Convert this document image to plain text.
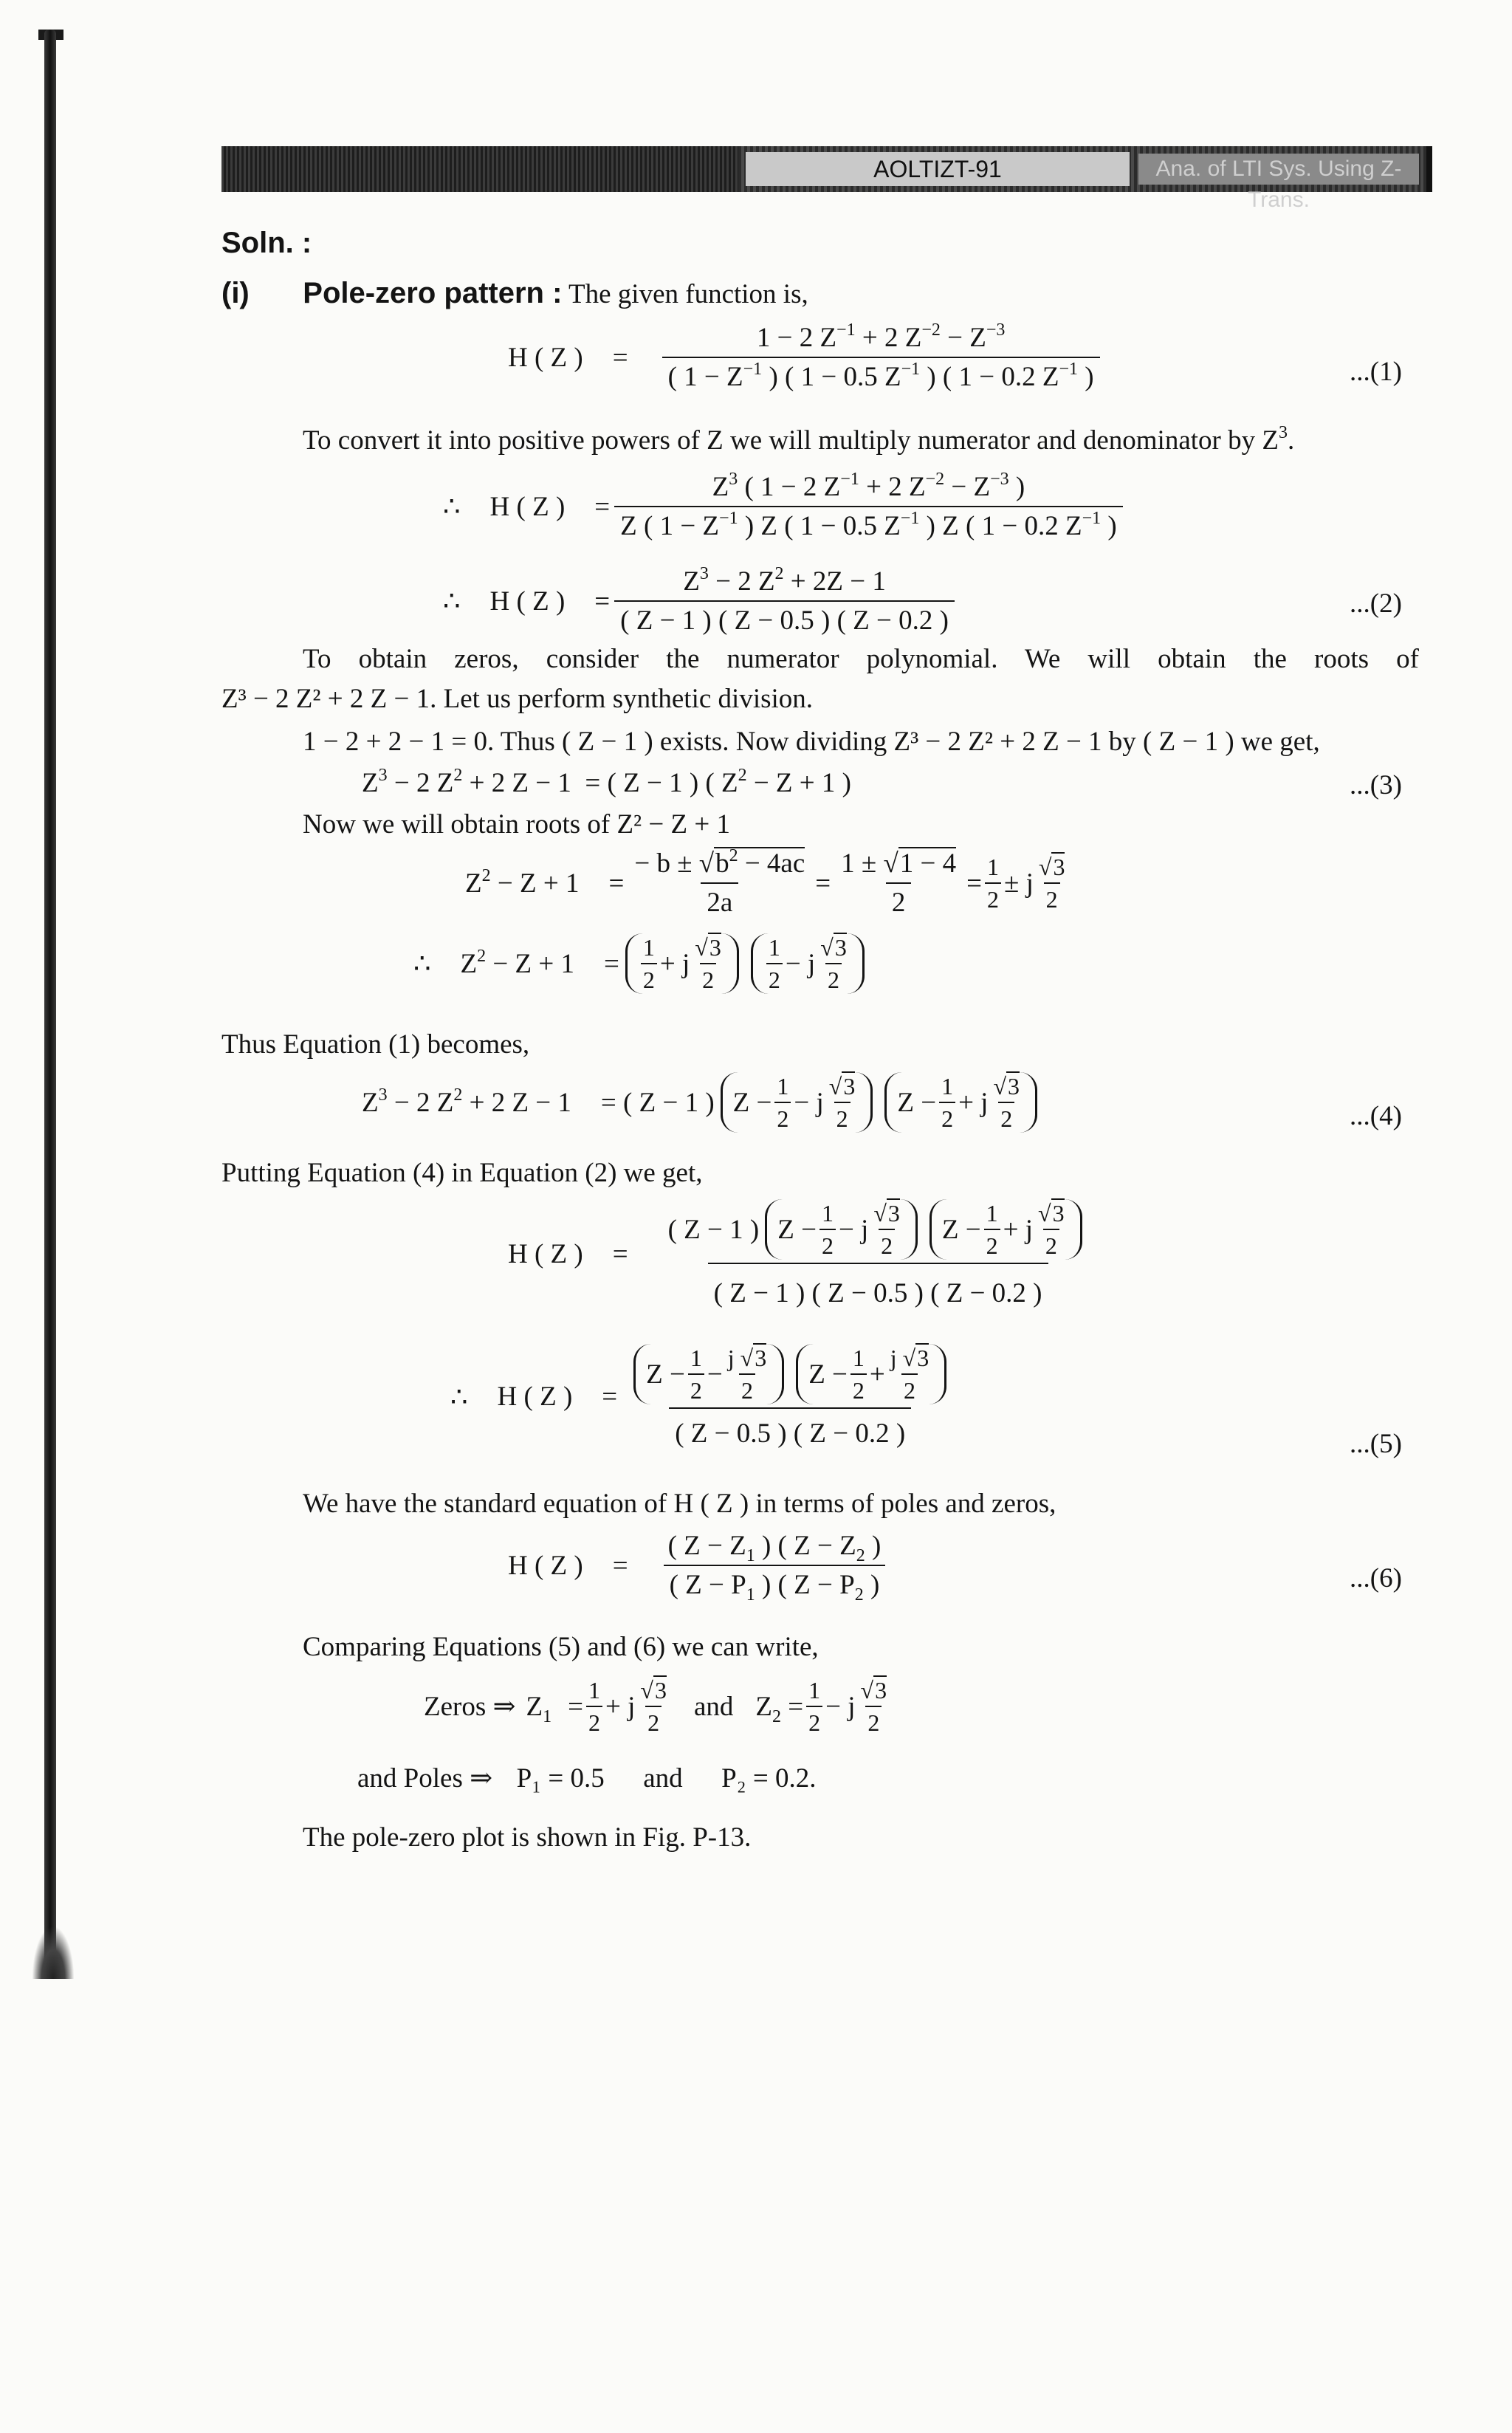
AOLTIZT-91	Ana. of LTI Sys. Using Z-Trans.
Soln. :
(i) Pole-zero pattern : The given function is,
H ( Z ) = $\frac{1 - 2 Z^{-1} + 2 Z^{-2} - Z^{-3}}{( 1 - Z^{-1} ) ( 1 - 0.5 Z^{-1} ) ( 1 - 0.2 Z^{-1} )}$	...(1)
To convert it into positive powers of Z we will multiply numerator and denominator by $Z^3$.
∴ H ( Z ) = $\frac{Z^3 ( 1 - 2 Z^{-1} + 2 Z^{-2} - Z^{-3} )}{Z ( 1 - Z^{-1} ) Z ( 1 - 0.5 Z^{-1} ) Z ( 1 - 0.2 Z^{-1} )}$
∴ H ( Z ) = $\frac{Z^3 - 2 Z^2 + 2Z - 1}{( Z - 1 ) ( Z - 0.5 ) ( Z - 0.2 )}$	...(2)
To obtain zeros, consider the numerator polynomial. We will obtain the roots of
Z³ − 2 Z² + 2 Z − 1. Let us perform synthetic division.
1 − 2 + 2 − 1 = 0. Thus ( Z − 1 ) exists. Now dividing Z³ − 2 Z² + 2 Z − 1 by ( Z − 1 ) we get,
$Z^3 - 2$ $Z^2 + 2$ Z − 1  = ( Z − 1 ) ( $Z^2 - Z + 1$ )	...(3)
Now we will obtain roots of Z² − Z + 1
$Z^2 - Z + 1 = \frac{- b \pm √b^2 - 4ac}{2a} = \frac{1 \pm √1 - 4}{2} = \frac{1}{2} \pm j$
√3
2
∴ $Z^2 - Z + 1$ =
1
2
+ j
√3
2
1
2
− j
√3
2
Thus Equation (1) becomes,
$Z^3 - 2$ $Z^2 + 2$ Z − 1 = ( Z − 1 ) Z −
1
2
− j
√3
2
Z −
1
2
+ j
√3
2	...(4)
Putting Equation (4) in Equation (2) we get,
H ( Z ) = ( Z − 1 ) Z −
1
2
− j
√3
2
Z −
1
2
+ j
√3
2
( Z − 1 ) ( Z − 0.5 ) ( Z − 0.2 )
∴ H ( Z ) = Z −
1
2
−
j √3
2
Z −
1
2
+
j √3
2
( Z − 0.5 ) ( Z − 0.2 )	...(5)
We have the standard equation of H ( Z ) in terms of poles and zeros,
H ( Z ) = $\frac{( Z - Z_1 ) ( Z - Z_2 )}{( Z - P_1 ) ( Z - P_2 )}$	...(6)
Comparing Equations (5) and (6) we can write,
Zeros ⇒ $Z_1 = \frac{1}{2} + j$
√3
2
and $Z_2 = \frac{1}{2} - j$
√3
2
and Poles ⇒ P₁ = 0.5 and P₂ = 0.2.
The pole-zero plot is shown in Fig. P-13.
